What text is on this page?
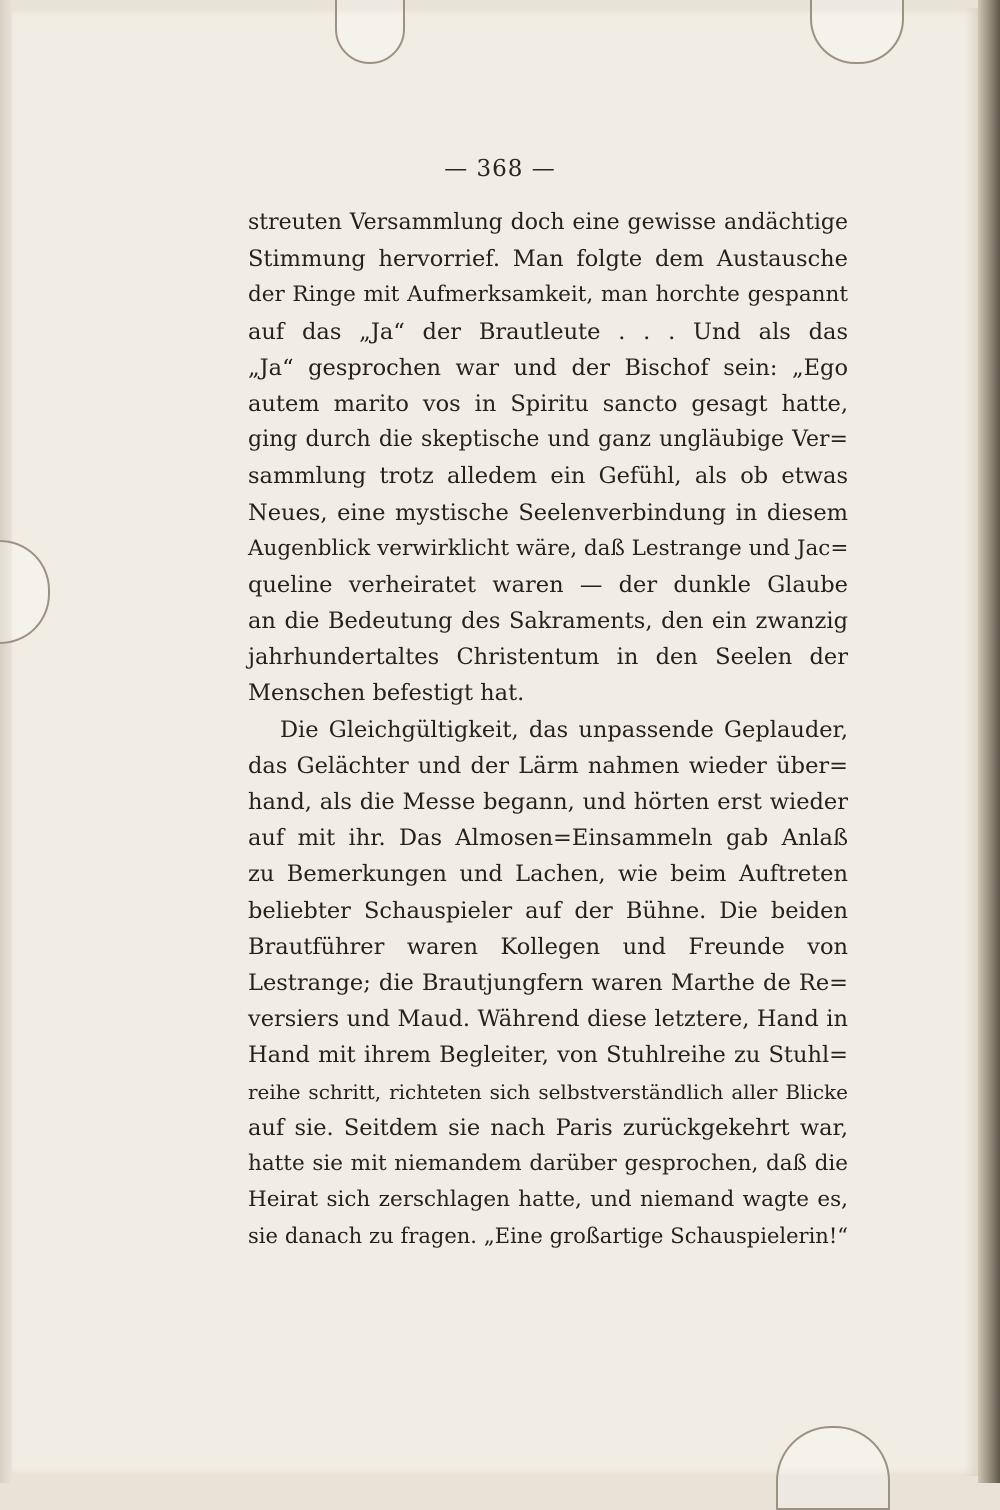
— 368 —
streuten Versammlung doch eine gewisse andächtige
Stimmung hervorrief. Man folgte dem Austausche
der Ringe mit Aufmerksamkeit, man horchte gespannt
auf das „Ja“ der Brautleute . . . Und als das
„Ja“ gesprochen war und der Bischof sein: „Ego
autem marito vos in Spiritu sancto gesagt hatte,
ging durch die skeptische und ganz ungläubige Ver=
sammlung trotz alledem ein Gefühl, als ob etwas
Neues, eine mystische Seelenverbindung in diesem
Augenblick verwirklicht wäre, daß Lestrange und Jac=
queline verheiratet waren — der dunkle Glaube
an die Bedeutung des Sakraments, den ein zwanzig
jahrhundertaltes Christentum in den Seelen der
Menschen befestigt hat.
Die Gleichgültigkeit, das unpassende Geplauder,
das Gelächter und der Lärm nahmen wieder über=
hand, als die Messe begann, und hörten erst wieder
auf mit ihr. Das Almosen=Einsammeln gab Anlaß
zu Bemerkungen und Lachen, wie beim Auftreten
beliebter Schauspieler auf der Bühne. Die beiden
Brautführer waren Kollegen und Freunde von
Lestrange; die Brautjungfern waren Marthe de Re=
versiers und Maud. Während diese letztere, Hand in
Hand mit ihrem Begleiter, von Stuhlreihe zu Stuhl=
reihe schritt, richteten sich selbstverständlich aller Blicke
auf sie. Seitdem sie nach Paris zurückgekehrt war,
hatte sie mit niemandem darüber gesprochen, daß die
Heirat sich zerschlagen hatte, und niemand wagte es,
sie danach zu fragen. „Eine großartige Schauspielerin!“
